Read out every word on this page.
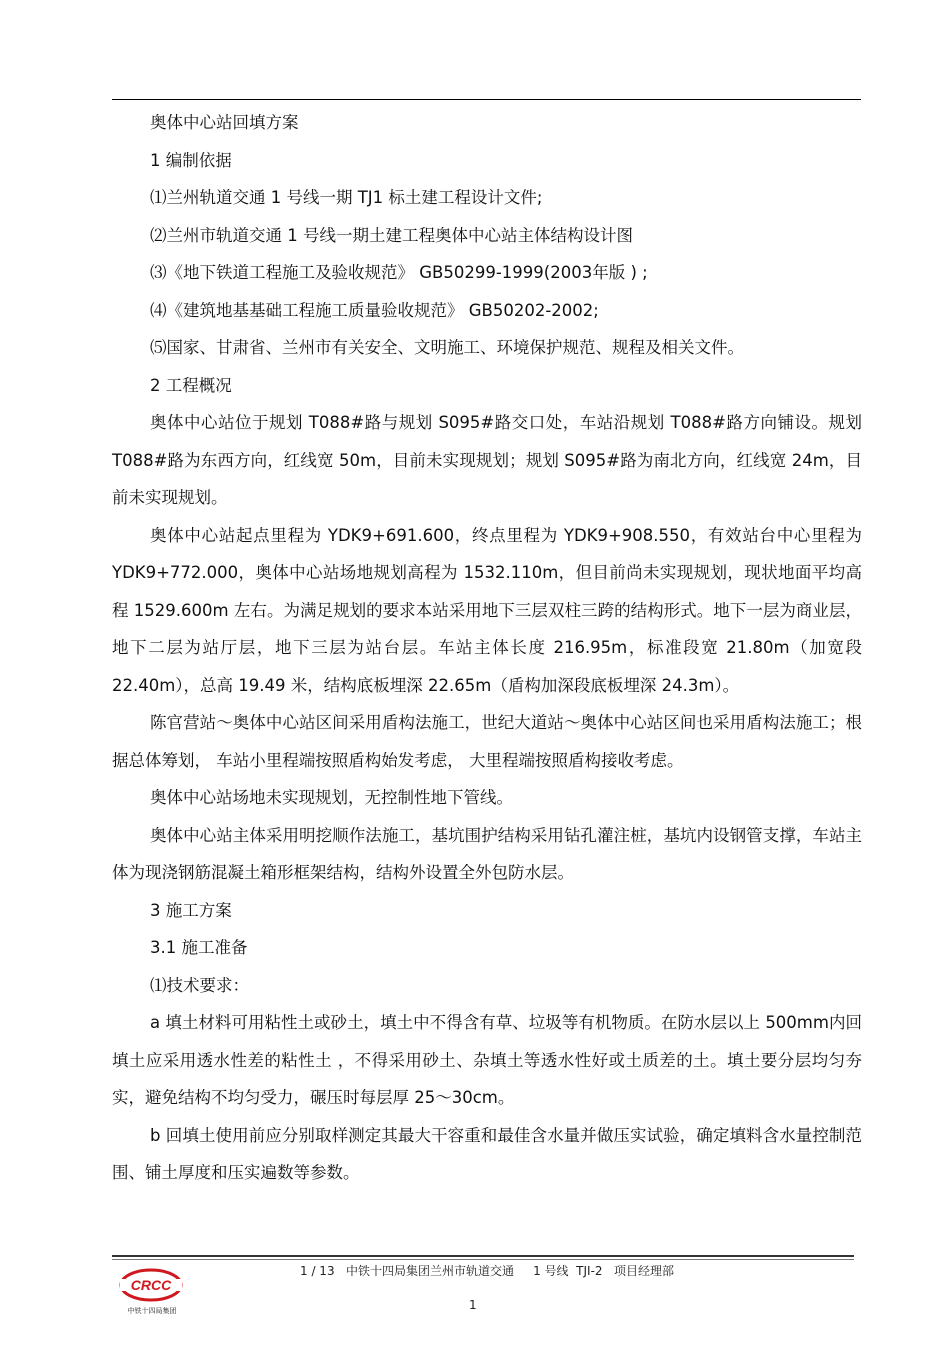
奥体中心站回填方案

1 编制依据

⑴兰州轨道交通 1 号线一期 TJ1 标土建工程设计文件;

⑵兰州市轨道交通 1 号线一期土建工程奥体中心站主体结构设计图

⑶《地下铁道工程施工及验收规范》 GB50299-1999(2003年版 ) ;

⑷《建筑地基基础工程施工质量验收规范》 GB50202-2002;

⑸国家、甘肃省、兰州市有关安全、文明施工、环境保护规范、规程及相关文件。

2 工程概况

奥体中心站位于规划 T088#路与规划 S095#路交口处，车站沿规划 T088#路方向铺设。规划 T088#路为东西方向，红线宽 50m，目前未实现规划；规划 S095#路为南北方向，红线宽 24m，目前未实现规划。

奥体中心站起点里程为 YDK9+691.600，终点里程为 YDK9+908.550，有效站台中心里程为 YDK9+772.000，奥体中心站场地规划高程为 1532.110m，但目前尚未实现规划，现状地面平均高程 1529.600m 左右。为满足规划的要求本站采用地下三层双柱三跨的结构形式。地下一层为商业层，地下二层为站厅层，地下三层为站台层。车站主体长度 216.95m，标准段宽 21.80m（加宽段 22.40m），总高 19.49 米，结构底板埋深 22.65m（盾构加深段底板埋深 24.3m）。

陈官营站～奥体中心站区间采用盾构法施工，世纪大道站～奥体中心站区间也采用盾构法施工；根据总体筹划， 车站小里程端按照盾构始发考虑， 大里程端按照盾构接收考虑。

奥体中心站场地未实现规划，无控制性地下管线。

奥体中心站主体采用明挖顺作法施工，基坑围护结构采用钻孔灌注桩，基坑内设钢管支撑，车站主体为现浇钢筋混凝土箱形框架结构，结构外设置全外包防水层。

3 施工方案

3.1 施工准备

⑴技术要求：

a 填土材料可用粘性土或砂土，填土中不得含有草、垃圾等有机物质。在防水层以上 500mm内回填土应采用透水性差的粘性土 ，不得采用砂土、杂填土等透水性好或土质差的土。填土要分层均匀夯实，避免结构不均匀受力，碾压时每层厚 25～30cm。

b 回填土使用前应分别取样测定其最大干容重和最佳含水量并做压实试验，确定填料含水量控制范围、铺土厚度和压实遍数等参数。

CRCC
中铁十四局集团
1 / 13   中铁十四局集团兰州市轨道交通     1 号线  TJI-2   项目经理部
1
